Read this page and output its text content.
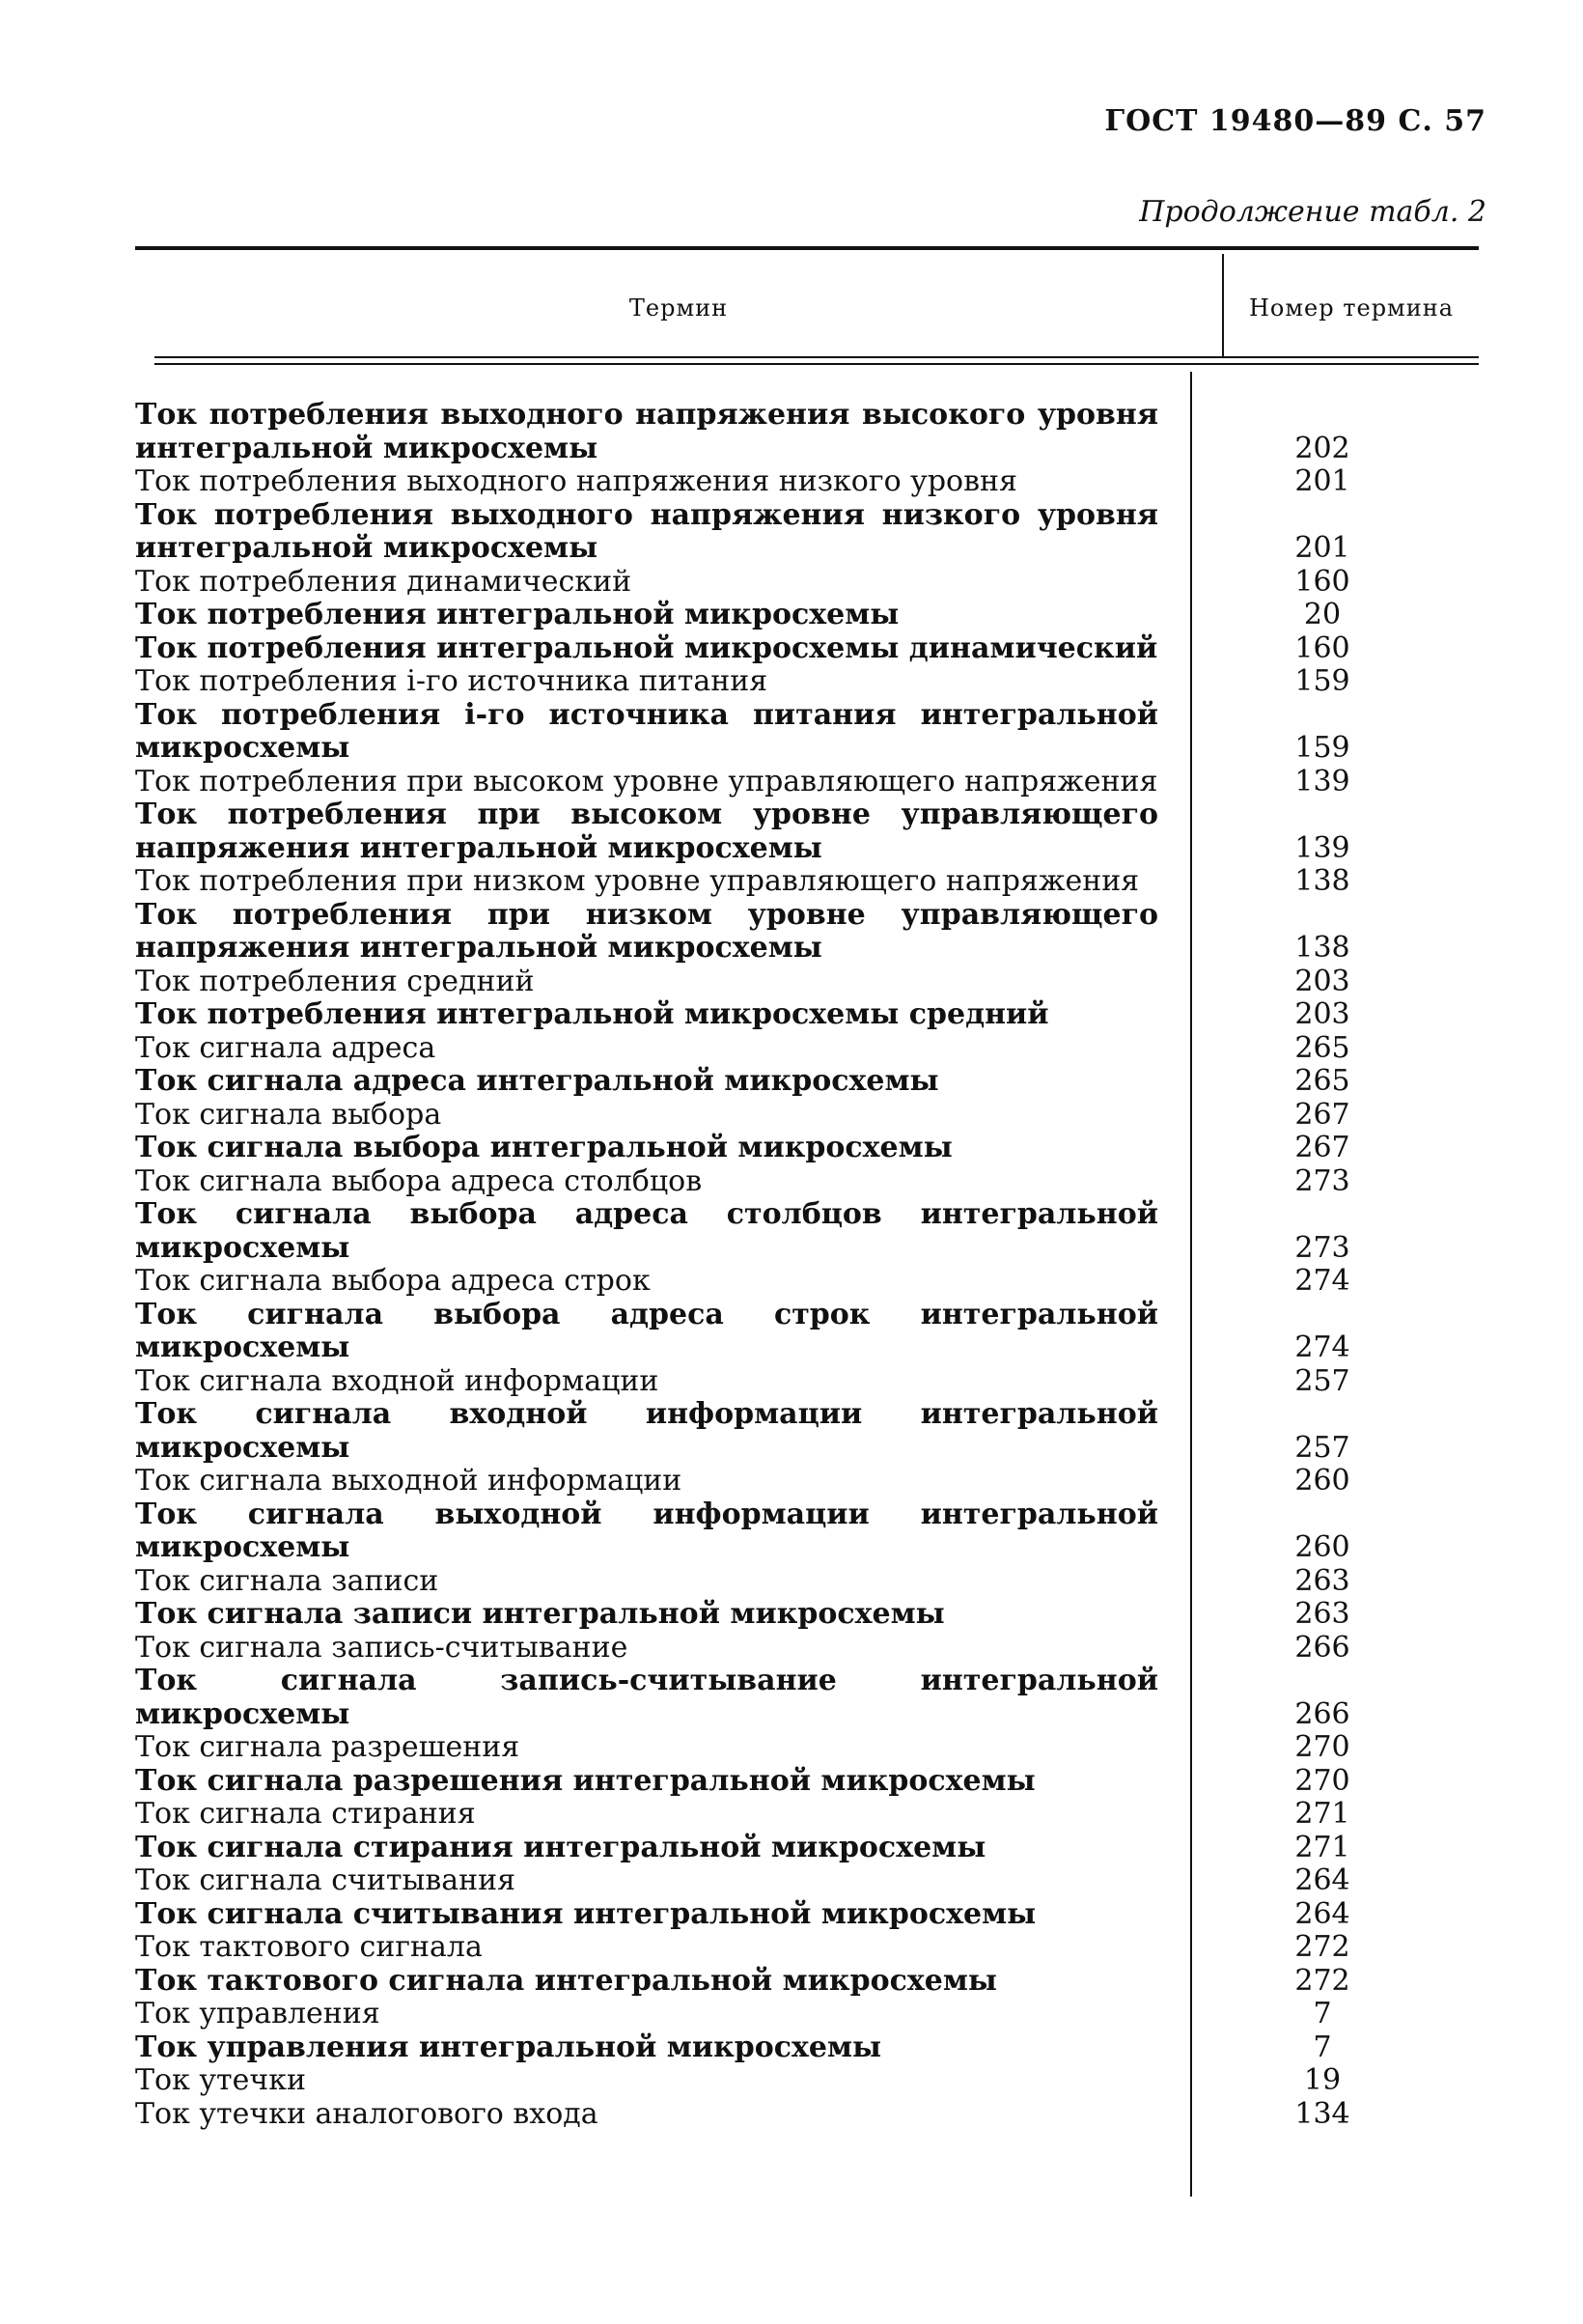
ГОСТ 19480—89 С. 57
Продолжение табл. 2
Термин	Номер термина
Ток потребления выходного напряжения высокого уровня интегральной микросхемы	202
Ток потребления выходного напряжения низкого уровня	201
Ток потребления выходного напряжения низкого уровня интегральной микросхемы	201
Ток потребления динамический	160
Ток потребления интегральной микросхемы	20
Ток потребления интегральной микросхемы динамический	160
Ток потребления i-го источника питания	159
Ток потребления i-го источника питания интегральной микросхемы	159
Ток потребления при высоком уровне управляющего напряжения	139
Ток потребления при высоком уровне управляющего напряжения интегральной микросхемы	139
Ток потребления при низком уровне управляющего напряжения	138
Ток потребления при низком уровне управляющего напряжения интегральной микросхемы	138
Ток потребления средний	203
Ток потребления интегральной микросхемы средний	203
Ток сигнала адреса	265
Ток сигнала адреса интегральной микросхемы	265
Ток сигнала выбора	267
Ток сигнала выбора интегральной микросхемы	267
Ток сигнала выбора адреса столбцов	273
Ток сигнала выбора адреса столбцов интегральной микросхемы	273
Ток сигнала выбора адреса строк	274
Ток сигнала выбора адреса строк интегральной микросхемы	274
Ток сигнала входной информации	257
Ток сигнала входной информации интегральной микросхемы	257
Ток сигнала выходной информации	260
Ток сигнала выходной информации интегральной микросхемы	260
Ток сигнала записи	263
Ток сигнала записи интегральной микросхемы	263
Ток сигнала запись-считывание	266
Ток сигнала запись-считывание интегральной микросхемы	266
Ток сигнала разрешения	270
Ток сигнала разрешения интегральной микросхемы	270
Ток сигнала стирания	271
Ток сигнала стирания интегральной микросхемы	271
Ток сигнала считывания	264
Ток сигнала считывания интегральной микросхемы	264
Ток тактового сигнала	272
Ток тактового сигнала интегральной микросхемы	272
Ток управления	7
Ток управления интегральной микросхемы	7
Ток утечки	19
Ток утечки аналогового входа	134
